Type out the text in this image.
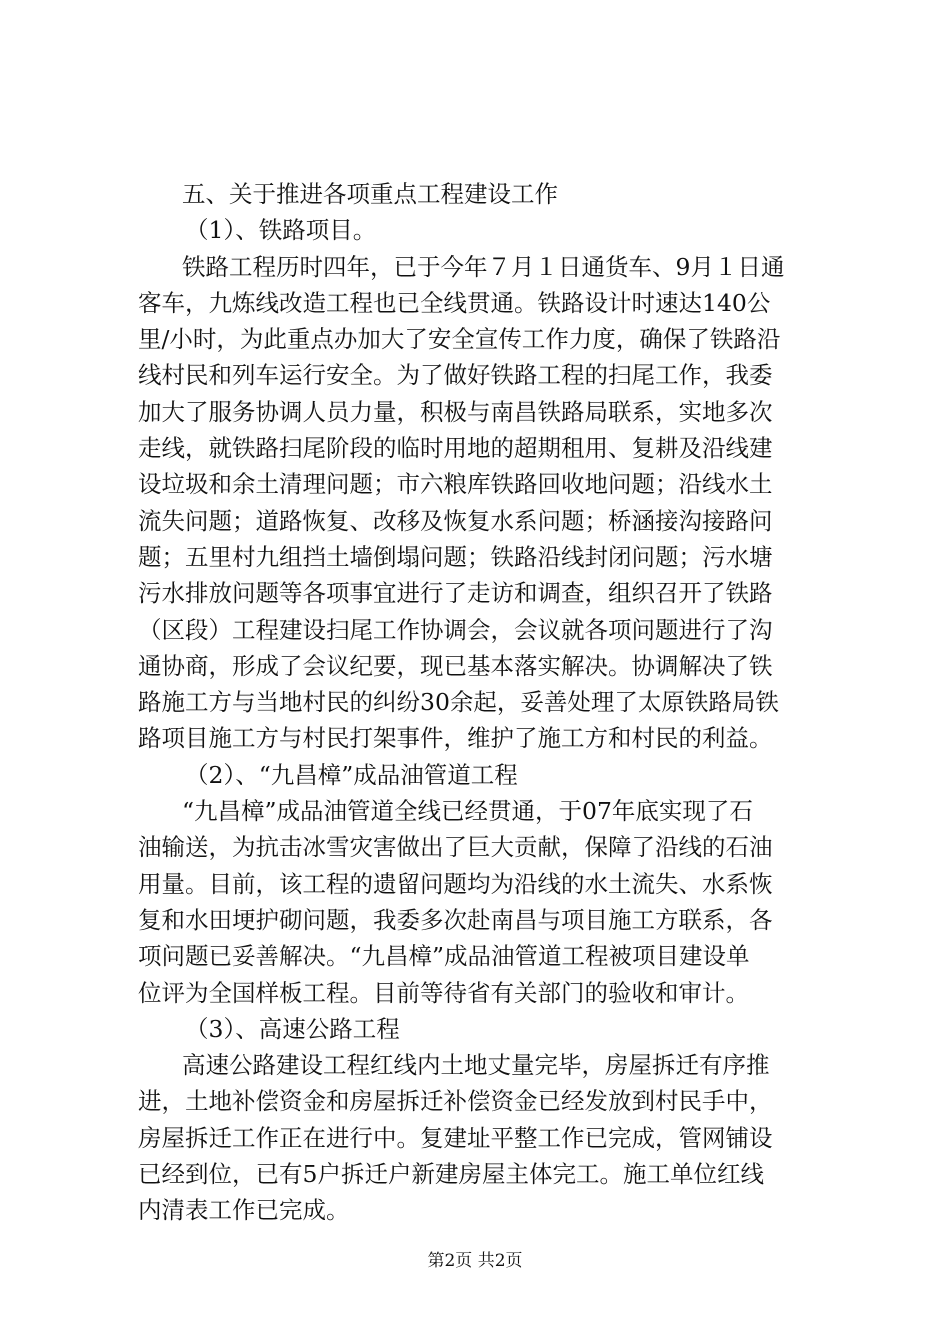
五、关于推进各项重点工程建设工作
（1）、铁路项目。
铁路工程历时四年，已于今年７月１日通货车、9月１日通
客车，九炼线改造工程也已全线贯通。铁路设计时速达140公
里/小时，为此重点办加大了安全宣传工作力度，确保了铁路沿
线村民和列车运行安全。为了做好铁路工程的扫尾工作，我委
加大了服务协调人员力量，积极与南昌铁路局联系，实地多次
走线，就铁路扫尾阶段的临时用地的超期租用、复耕及沿线建
设垃圾和余土清理问题；市六粮库铁路回收地问题；沿线水土
流失问题；道路恢复、改移及恢复水系问题；桥涵接沟接路问
题；五里村九组挡土墙倒塌问题；铁路沿线封闭问题；污水塘
污水排放问题等各项事宜进行了走访和调查，组织召开了铁路
（区段）工程建设扫尾工作协调会，会议就各项问题进行了沟
通协商，形成了会议纪要，现已基本落实解决。协调解决了铁
路施工方与当地村民的纠纷30余起，妥善处理了太原铁路局铁
路项目施工方与村民打架事件，维护了施工方和村民的利益。
（2）、“九昌樟”成品油管道工程
“九昌樟”成品油管道全线已经贯通，于07年底实现了石
油输送，为抗击冰雪灾害做出了巨大贡献，保障了沿线的石油
用量。目前，该工程的遗留问题均为沿线的水土流失、水系恢
复和水田埂护砌问题，我委多次赴南昌与项目施工方联系，各
项问题已妥善解决。“九昌樟”成品油管道工程被项目建设单
位评为全国样板工程。目前等待省有关部门的验收和审计。
（3）、高速公路工程
高速公路建设工程红线内土地丈量完毕，房屋拆迁有序推
进，土地补偿资金和房屋拆迁补偿资金已经发放到村民手中，
房屋拆迁工作正在进行中。复建址平整工作已完成，管网铺设
已经到位，已有5户拆迁户新建房屋主体完工。施工单位红线
内清表工作已完成。
第2页 共2页
